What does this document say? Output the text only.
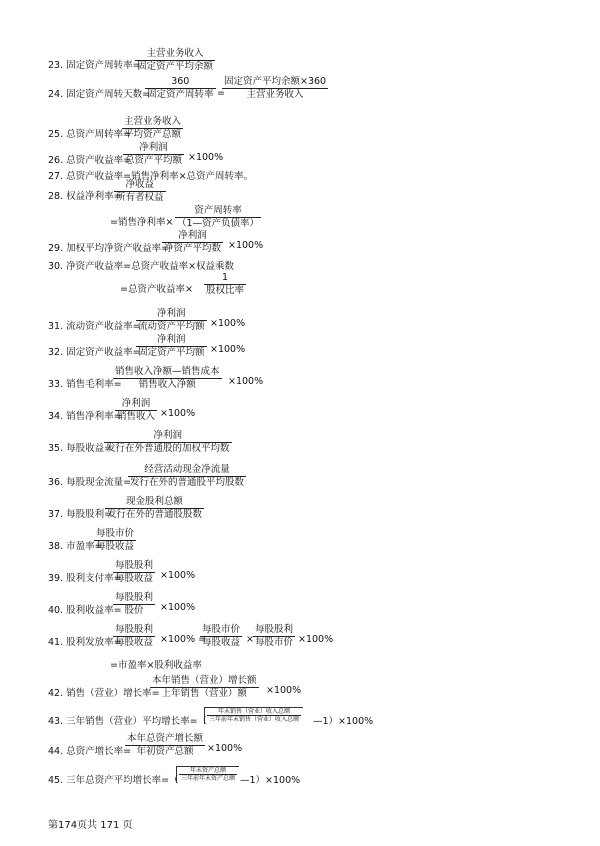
23. 固定资产周转率=
主营业务收入
固定资产平均余额
24. 固定资产周转天数=
360
固定资产周转率 =
固定资产平均余额×360
主营业务收入
25. 总资产周转率=
主营业务收入
平均资产总额
26. 总资产收益率=
净利润
总资产平均额 ×100%
27. 总资产收益率=销售净利率×总资产周转率。
28. 权益净利率=
净收益
所有者权益
=销售净利率×
资产周转率
（1—资产负债率）
29. 加权平均净资产收益率=
净利润
净资产平均数 ×100%
30. 净资产收益率=总资产收益率×权益乘数
=总资产收益率×
1
股权比率
31. 流动资产收益率=
净利润
流动资产平均额 ×100%
32. 固定资产收益率=
净利润
固定资产平均额 ×100%
33. 销售毛利率=
销售收入净额—销售成本
销售收入净额	×100%
34. 销售净利率=
净利润
销售收入 ×100%
35. 每股收益=
净利润
发行在外普通股的加权平均数
36. 每股现金流量=
经营活动现金净流量
发行在外的普通股平均股数
37. 每股股利=
现金股利总额
发行在外的普通股股数
38. 市盈率=
每股市价
每股收益
39. 股利支付率=
每股股利
每股收益 ×100%
40. 股利收益率=
每股股利
股价	×100%
41. 股利发放率=
每股股利
每股收益 ×100% =
每股市价
每股收益 ×
每股股利
每股市价 ×100%
=市盈率×股利收益率
42. 销售（营业）增长率=
本年销售（营业）增长额
上年销售（营业）额	×100%
43. 三年销售（营业）平均增长率=（ $\frac{\text{年末销售（营业）收入总额}}{\text{三年前年末销售（营业）收入总额}}$ —1）×100%
44. 总资产增长率=
本年总资产增长额
年初资产总额	×100%
45. 三年总资产平均增长率=（ $\frac{\text{年末资产总额}}{\text{三年前年末资产总额}}$ —1）×100%
第174页共 171 页
